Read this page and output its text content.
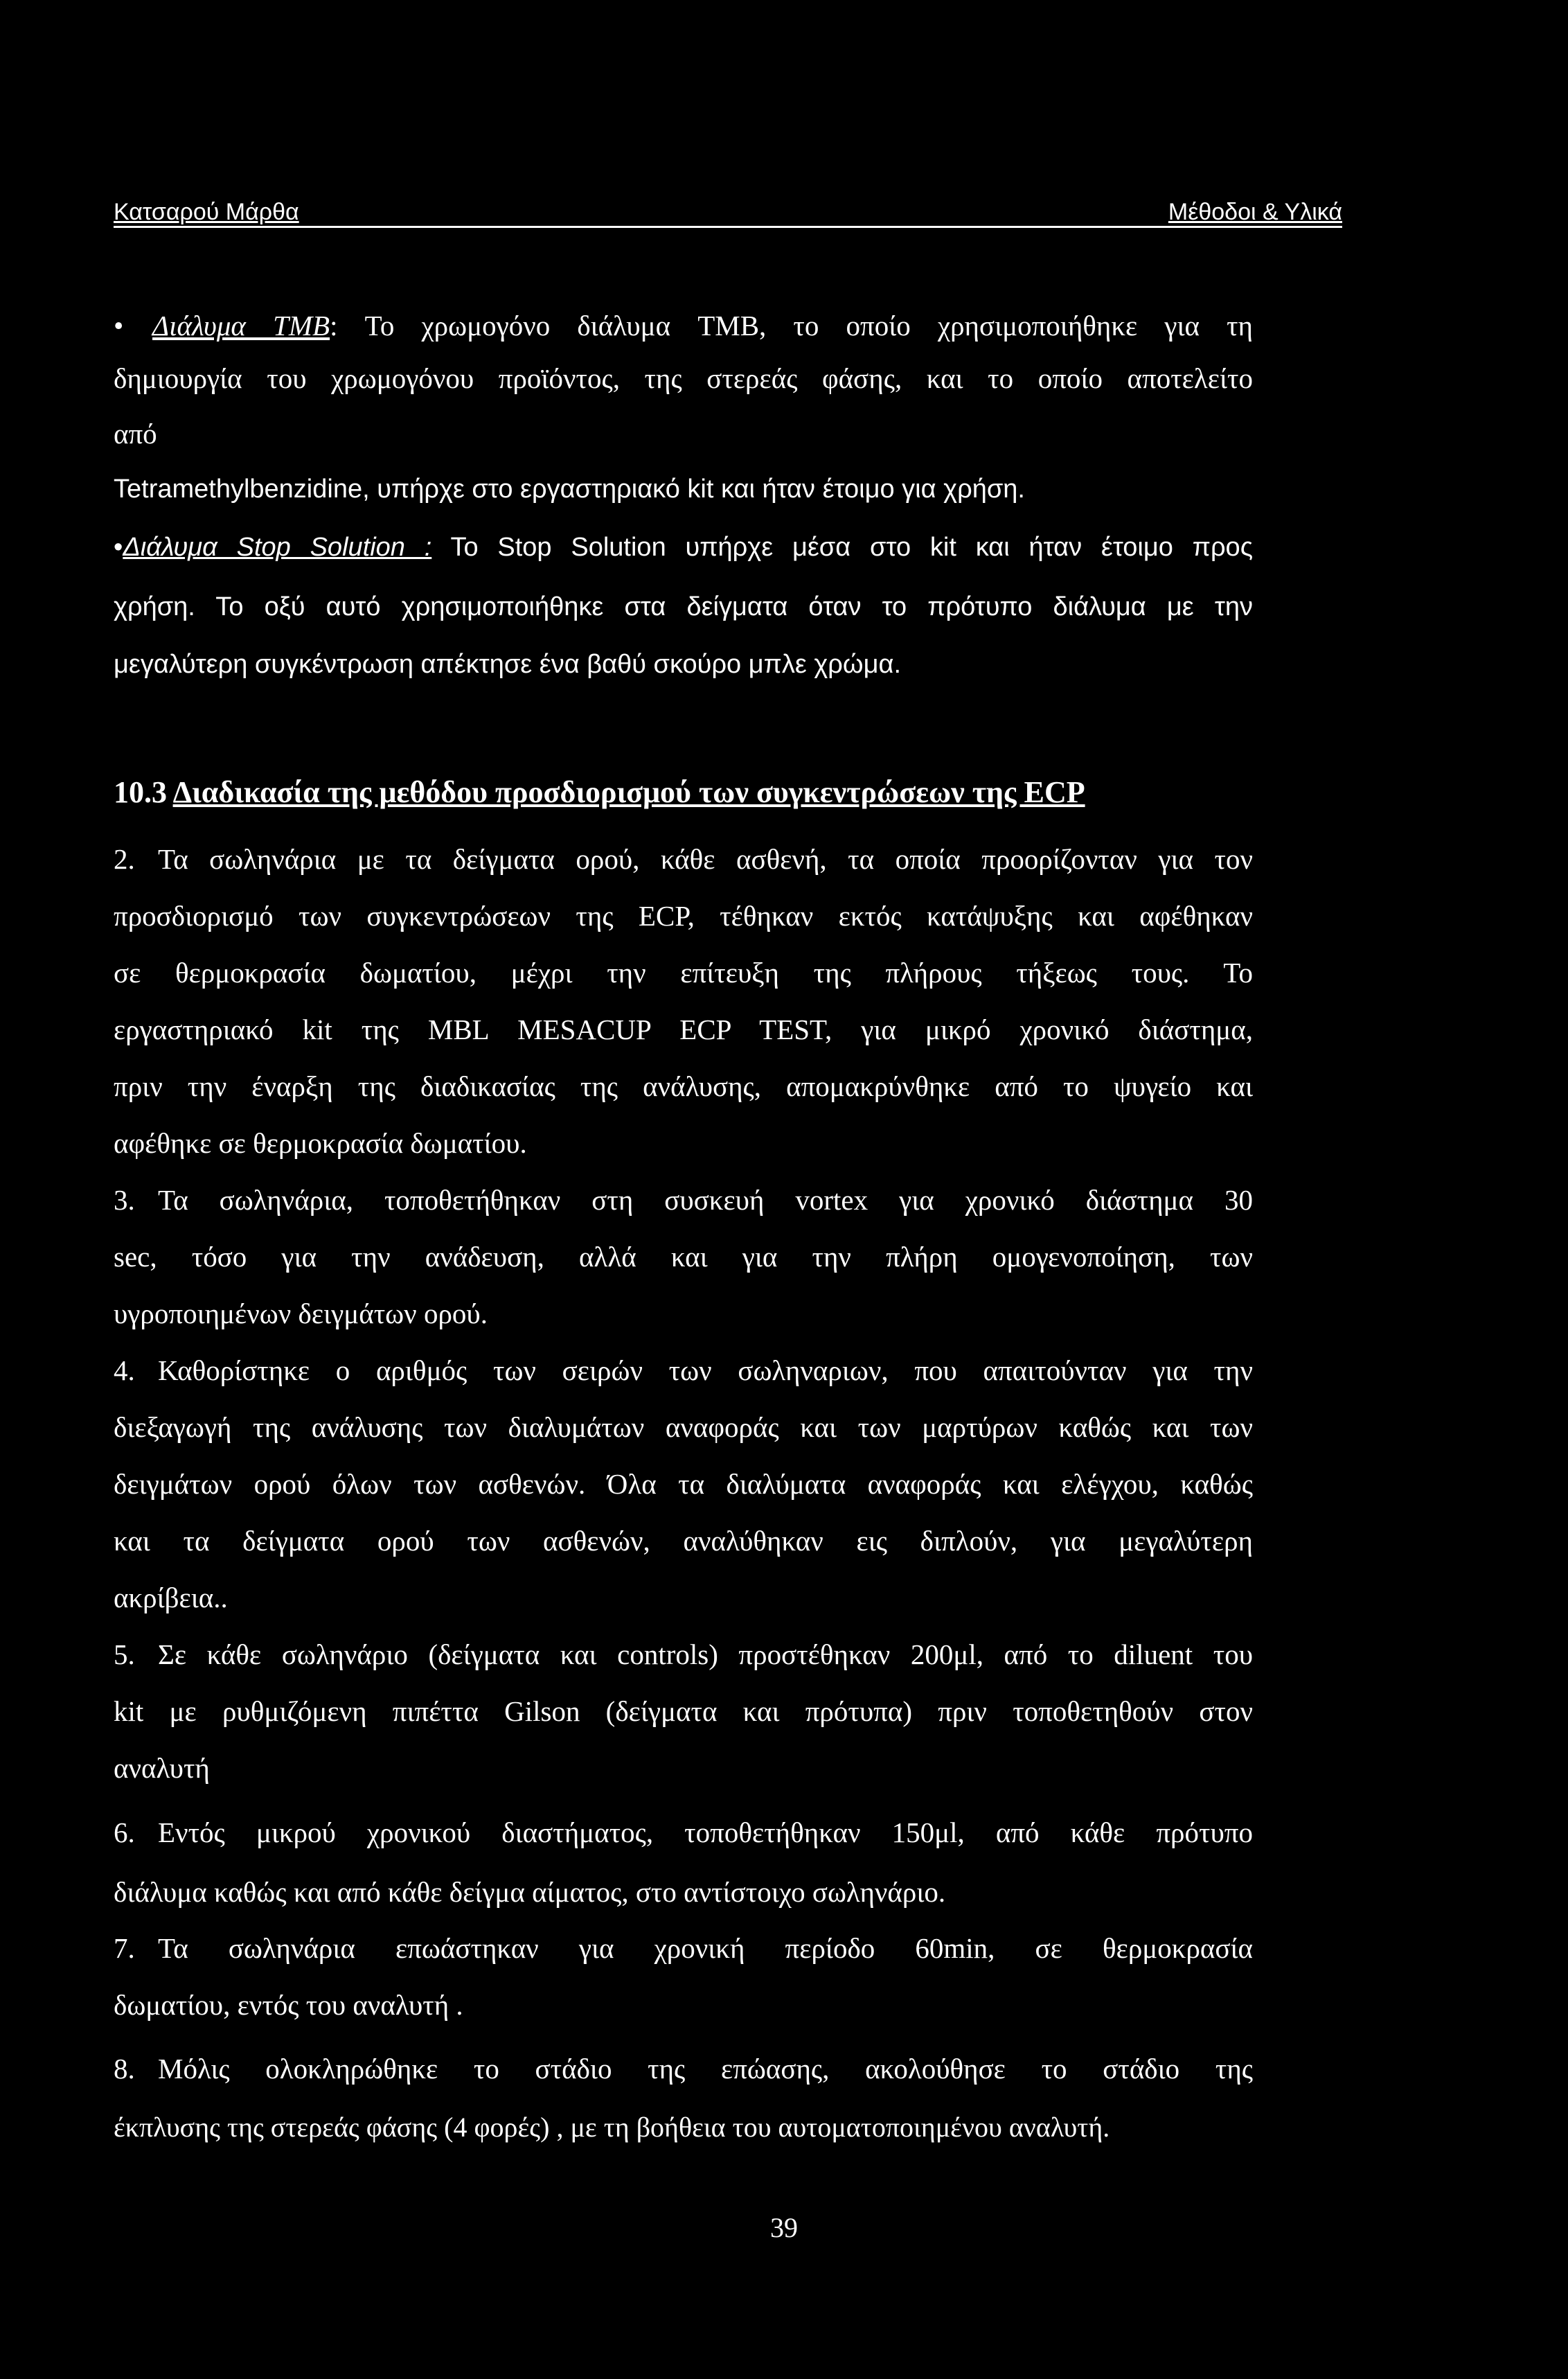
Κατσαρού Μάρθα	Μέθοδοι & Υλικά
• Διάλυμα TMB: Το χρωμογόνο διάλυμα TMB, το οποίο χρησιμοποιήθηκε για τη
δημιουργία του χρωμογόνου προϊόντος, της στερεάς φάσης, και το οποίο αποτελείτο
από
Tetramethylbenzidine, υπήρχε στο εργαστηριακό kit και ήταν έτοιμο για χρήση.
•Διάλυμα Stop Solution : To Stop Solution υπήρχε μέσα στο kit και ήταν έτοιμο προς
χρήση. Το οξύ αυτό χρησιμοποιήθηκε στα δείγματα όταν το πρότυπο διάλυμα με την
μεγαλύτερη συγκέντρωση απέκτησε ένα βαθύ σκούρο μπλε χρώμα.
10.3 Διαδικασία της μεθόδου προσδιορισμού των συγκεντρώσεων της ECP
2. Τα σωληνάρια με τα δείγματα ορού, κάθε ασθενή, τα οποία προορίζονταν για τον
προσδιορισμό των συγκεντρώσεων της ECP, τέθηκαν εκτός κατάψυξης και αφέθηκαν
σε θερμοκρασία δωματίου, μέχρι την επίτευξη της πλήρους τήξεως τους. Το
εργαστηριακό kit της MBL MESACUP ECP TEST, για μικρό χρονικό διάστημα,
πριν την έναρξη της διαδικασίας της ανάλυσης, απομακρύνθηκε από το ψυγείο και
αφέθηκε σε θερμοκρασία δωματίου.
3. Τα σωληνάρια, τοποθετήθηκαν στη συσκευή vortex για χρονικό διάστημα 30
sec, τόσο για την ανάδευση, αλλά και για την πλήρη ομογενοποίηση, των
υγροποιημένων δειγμάτων ορού.
4. Καθορίστηκε ο αριθμός των σειρών των σωληναριων, που απαιτούνταν για την
διεξαγωγή της ανάλυσης των διαλυμάτων αναφοράς και των μαρτύρων καθώς και των
δειγμάτων ορού όλων των ασθενών. Όλα τα διαλύματα αναφοράς και ελέγχου, καθώς
και τα δείγματα ορού των ασθενών, αναλύθηκαν εις διπλούν, για μεγαλύτερη
ακρίβεια..
5. Σε κάθε σωληνάριο (δείγματα και controls) προστέθηκαν 200μl, από το diluent του
kit με ρυθμιζόμενη πιπέττα Gilson (δείγματα και πρότυπα) πριν τοποθετηθούν στον
αναλυτή
6. Εντός μικρού χρονικού διαστήματος, τοποθετήθηκαν 150μl, από κάθε πρότυπο
διάλυμα καθώς και από κάθε δείγμα αίματος, στο αντίστοιχο σωληνάριο.
7. Τα σωληνάρια επωάστηκαν για χρονική περίοδο 60min, σε θερμοκρασία
δωματίου, εντός του αναλυτή .
8. Μόλις ολοκληρώθηκε το στάδιο της επώασης, ακολούθησε το στάδιο της
έκπλυσης της στερεάς φάσης (4 φορές) , με τη βοήθεια του αυτοματοποιημένου αναλυτή.
39
